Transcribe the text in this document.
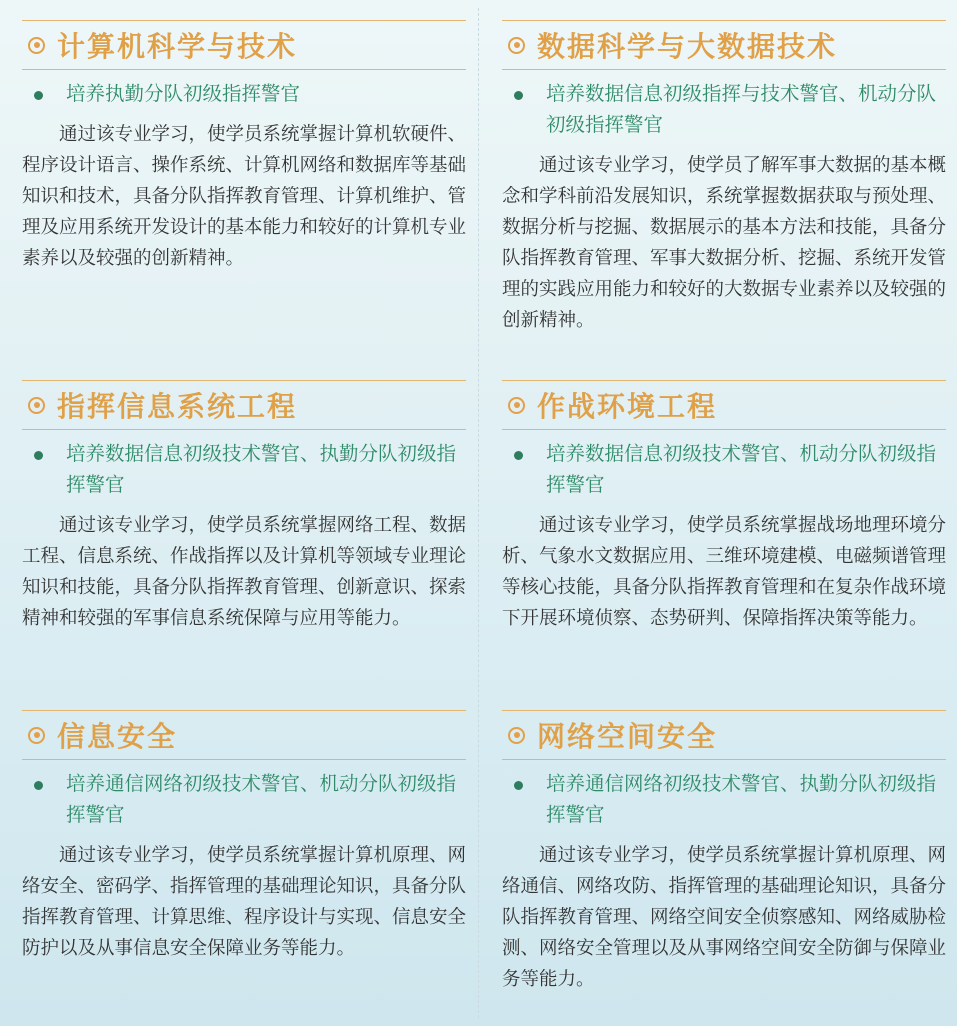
计算机科学与技术
培养执勤分队初级指挥警官

通过该专业学习，使学员系统掌握计算机软硬件、程序设计语言、操作系统、计算机网络和数据库等基础知识和技术，具备分队指挥教育管理、计算机维护、管理及应用系统开发设计的基本能力和较好的计算机专业素养以及较强的创新精神。

数据科学与大数据技术
培养数据信息初级指挥与技术警官、机动分队初级指挥警官

通过该专业学习，使学员了解军事大数据的基本概念和学科前沿发展知识，系统掌握数据获取与预处理、数据分析与挖掘、数据展示的基本方法和技能，具备分队指挥教育管理、军事大数据分析、挖掘、系统开发管理的实践应用能力和较好的大数据专业素养以及较强的创新精神。

指挥信息系统工程
培养数据信息初级技术警官、执勤分队初级指挥警官

通过该专业学习，使学员系统掌握网络工程、数据工程、信息系统、作战指挥以及计算机等领域专业理论知识和技能，具备分队指挥教育管理、创新意识、探索精神和较强的军事信息系统保障与应用等能力。

作战环境工程
培养数据信息初级技术警官、机动分队初级指挥警官

通过该专业学习，使学员系统掌握战场地理环境分析、气象水文数据应用、三维环境建模、电磁频谱管理等核心技能，具备分队指挥教育管理和在复杂作战环境下开展环境侦察、态势研判、保障指挥决策等能力。

信息安全
培养通信网络初级技术警官、机动分队初级指挥警官

通过该专业学习，使学员系统掌握计算机原理、网络安全、密码学、指挥管理的基础理论知识，具备分队指挥教育管理、计算思维、程序设计与实现、信息安全防护以及从事信息安全保障业务等能力。

网络空间安全
培养通信网络初级技术警官、执勤分队初级指挥警官

通过该专业学习，使学员系统掌握计算机原理、网络通信、网络攻防、指挥管理的基础理论知识，具备分队指挥教育管理、网络空间安全侦察感知、网络威胁检测、网络安全管理以及从事网络空间安全防御与保障业务等能力。
